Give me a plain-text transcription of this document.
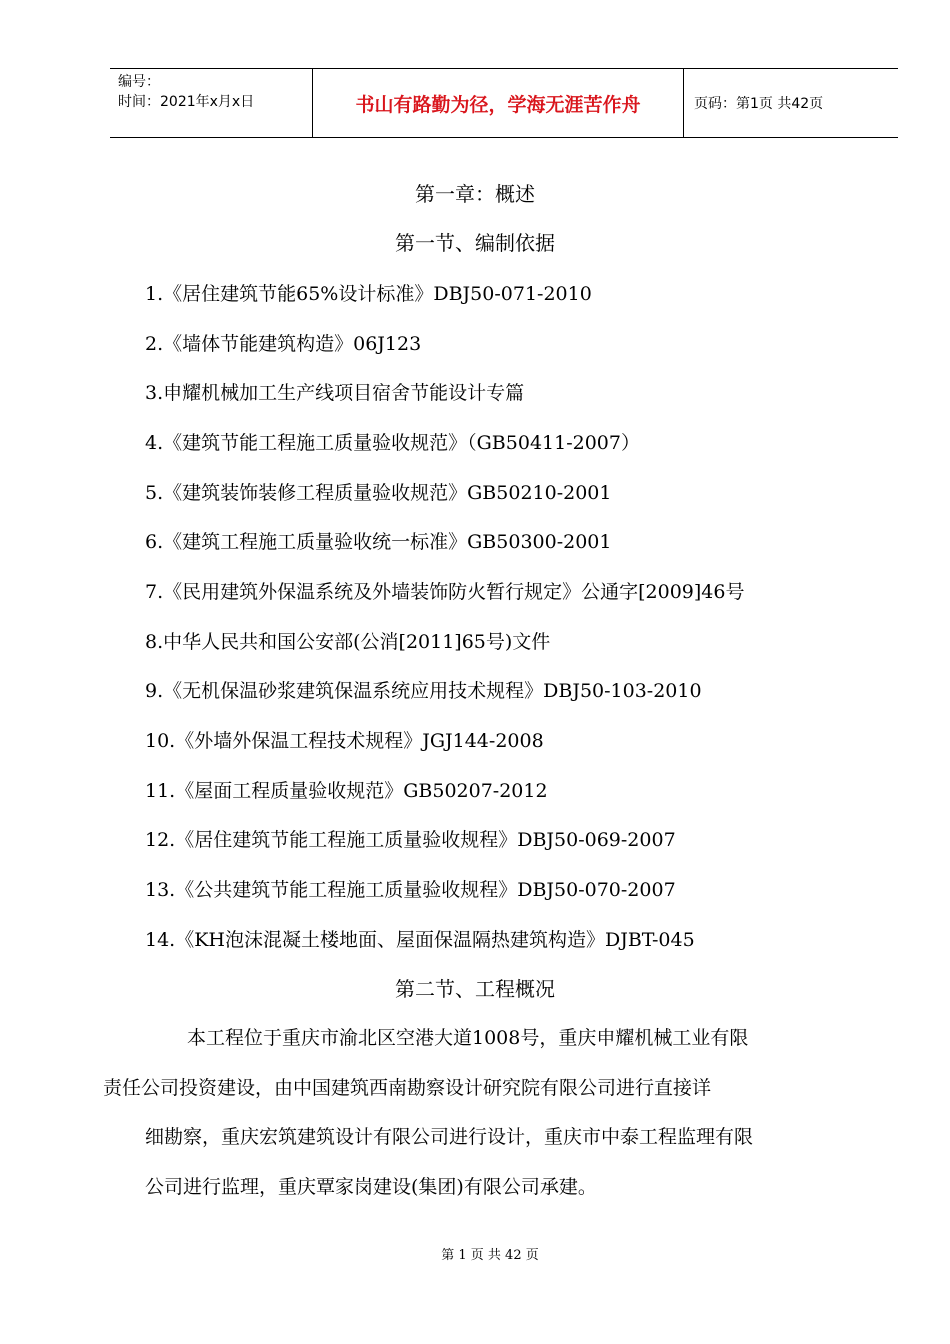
编号：
时间：2021年x月x日	书山有路勤为径，学海无涯苦作舟	页码：第1页 共42页
第一章：概述
第一节、编制依据
1.《居住建筑节能65%设计标准》DBJ50-071-2010
2.《墙体节能建筑构造》06J123
3.申耀机械加工生产线项目宿舍节能设计专篇
4.《建筑节能工程施工质量验收规范》（GB50411-2007）
5.《建筑装饰装修工程质量验收规范》GB50210-2001
6.《建筑工程施工质量验收统一标准》GB50300-2001
7.《民用建筑外保温系统及外墙装饰防火暂行规定》公通字[2009]46号
8.中华人民共和国公安部(公消[2011]65号)文件
9.《无机保温砂浆建筑保温系统应用技术规程》DBJ50-103-2010
10.《外墙外保温工程技术规程》JGJ144-2008
11.《屋面工程质量验收规范》GB50207-2012
12.《居住建筑节能工程施工质量验收规程》DBJ50-069-2007
13.《公共建筑节能工程施工质量验收规程》DBJ50-070-2007
14.《KH泡沫混凝土楼地面、屋面保温隔热建筑构造》DJBT-045
第二节、工程概况
本工程位于重庆市渝北区空港大道1008号，重庆申耀机械工业有限
责任公司投资建设，由中国建筑西南勘察设计研究院有限公司进行直接详
细勘察，重庆宏筑建筑设计有限公司进行设计，重庆市中泰工程监理有限
公司进行监理，重庆覃家岗建设(集团)有限公司承建。
第 1 页 共 42 页
